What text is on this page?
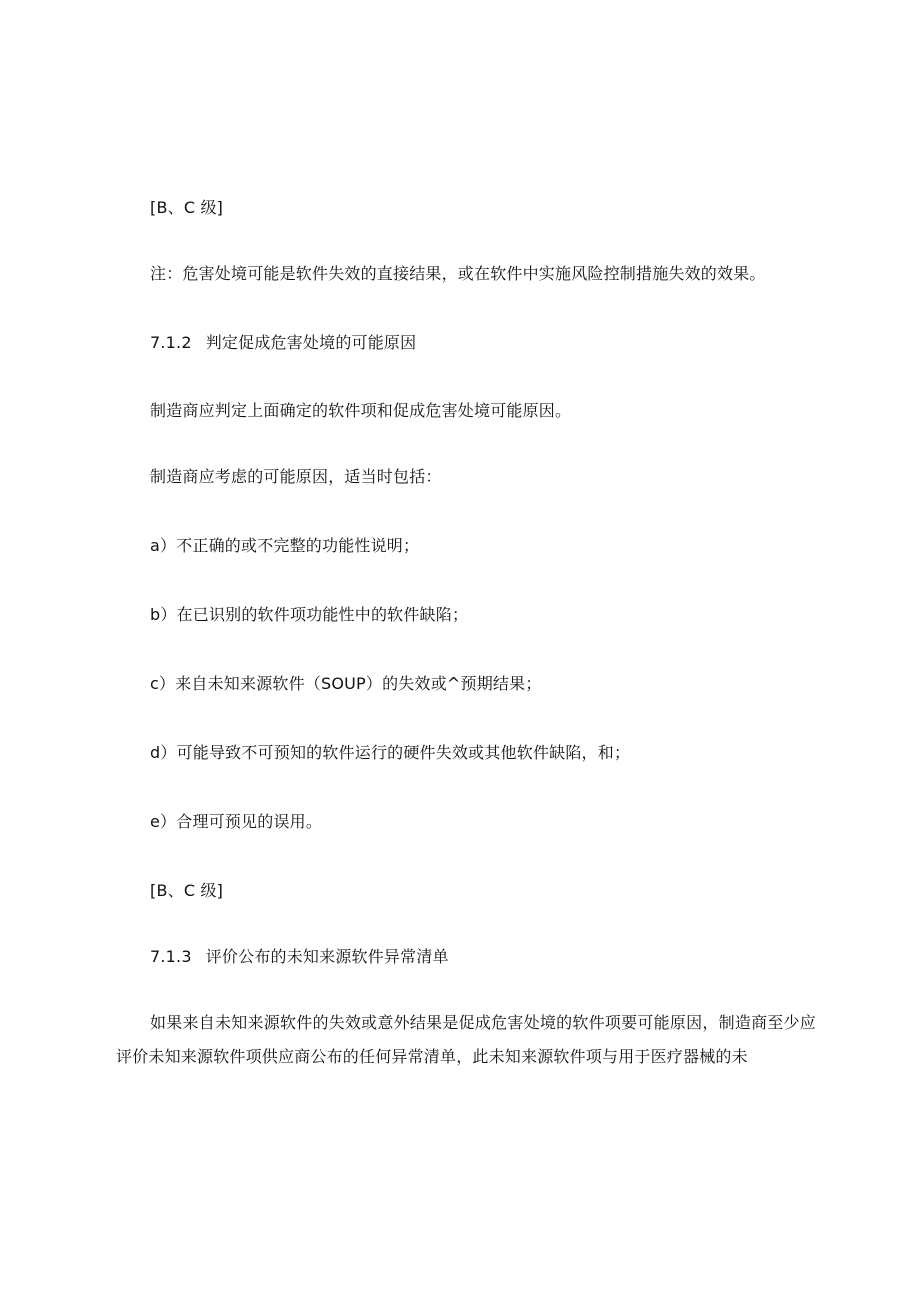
[B、C 级]
注：危害处境可能是软件失效的直接结果，或在软件中实施风险控制措施失效的效果。
7.1.2 判定促成危害处境的可能原因
制造商应判定上面确定的软件项和促成危害处境可能原因。
制造商应考虑的可能原因，适当时包括：
a）不正确的或不完整的功能性说明；
b）在已识别的软件项功能性中的软件缺陷；
c）来自未知来源软件（SOUP）的失效或^预期结果；
d）可能导致不可预知的软件运行的硬件失效或其他软件缺陷，和；
e）合理可预见的误用。
[B、C 级]
7.1.3 评价公布的未知来源软件异常清单
如果来自未知来源软件的失效或意外结果是促成危害处境的软件项要可能原因，制造商至少应评价未知来源软件项供应商公布的任何异常清单，此未知来源软件项与用于医疗器械的未
